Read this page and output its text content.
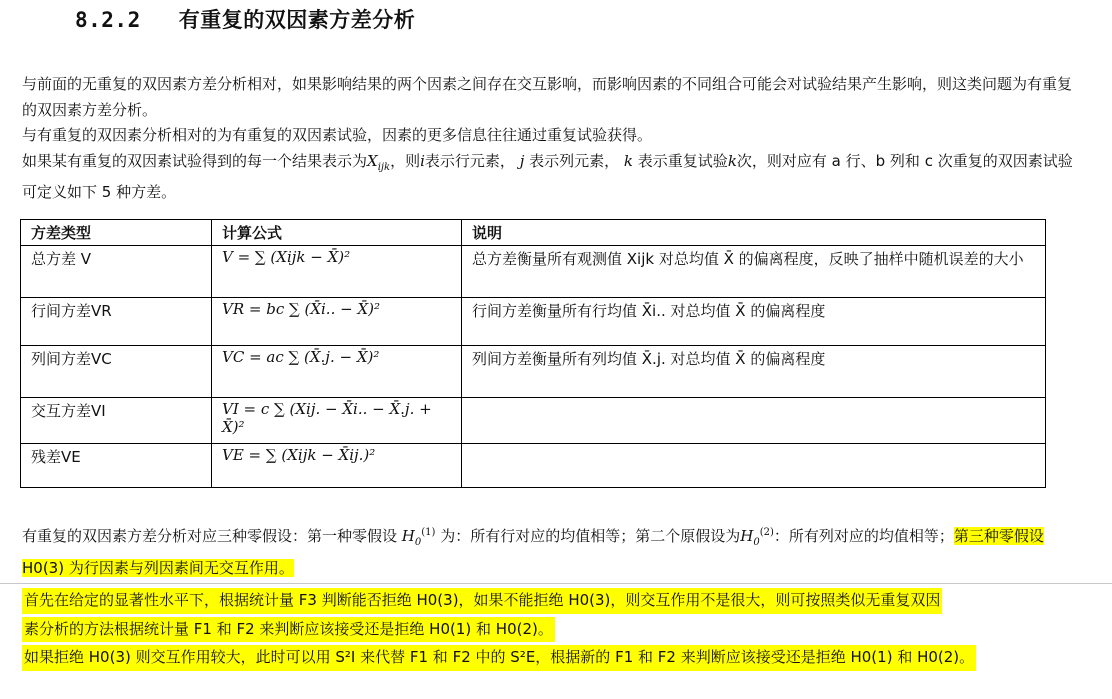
8.2.2 有重复的双因素方差分析
与前面的无重复的双因素方差分析相对，如果影响结果的两个因素之间存在交互影响，而影响因素的不同组合可能会对试验结果产生影响，则这类问题为有重复的双因素方差分析。
与有重复的双因素分析相对的为有重复的双因素试验，因素的更多信息往往通过重复试验获得。
如果某有重复的双因素试验得到的每一个结果表示为$X_{ijk}$，则i表示行元素， j 表示列元素， k 表示重复试验k次，则对应有 a 行、b 列和 c 次重复的双因素试验可定义如下 5 种方差。
方差类型	计算公式	说明
总方差 V	V = ∑ (Xijk − X̄)²	总方差衡量所有观测值 Xijk 对总均值 X̄ 的偏离程度，反映了抽样中随机误差的大小
行间方差VR	VR = bc ∑ (X̄i.. − X̄)²	行间方差衡量所有行均值 X̄i.. 对总均值 X̄ 的偏离程度
列间方差VC	VC = ac ∑ (X̄.j. − X̄)²	列间方差衡量所有列均值 X̄.j. 对总均值 X̄ 的偏离程度
交互方差VI	VI = c ∑ (Xij. − X̄i.. − X̄.j. + X̄)²	
残差VE	VE = ∑ (Xijk − X̄ij.)²	
有重复的双因素方差分析对应三种零假设：第一种零假设 $H_0^{(1)}$ 为：所有行对应的均值相等；第二个原假设为$H_0^{(2)}$：所有列对应的均值相等；第三种零假设 H0(3) 为行因素与列因素间无交互作用。
首先在给定的显著性水平下，根据统计量 F3 判断能否拒绝 H0(3)，如果不能拒绝 H0(3)，则交互作用不是很大，则可按照类似无重复双因
素分析的方法根据统计量 F1 和 F2 来判断应该接受还是拒绝 H0(1) 和 H0(2)。
如果拒绝 H0(3) 则交互作用较大，此时可以用 S²I 来代替 F1 和 F2 中的 S²E，根据新的 F1 和 F2 来判断应该接受还是拒绝 H0(1) 和 H0(2)。
